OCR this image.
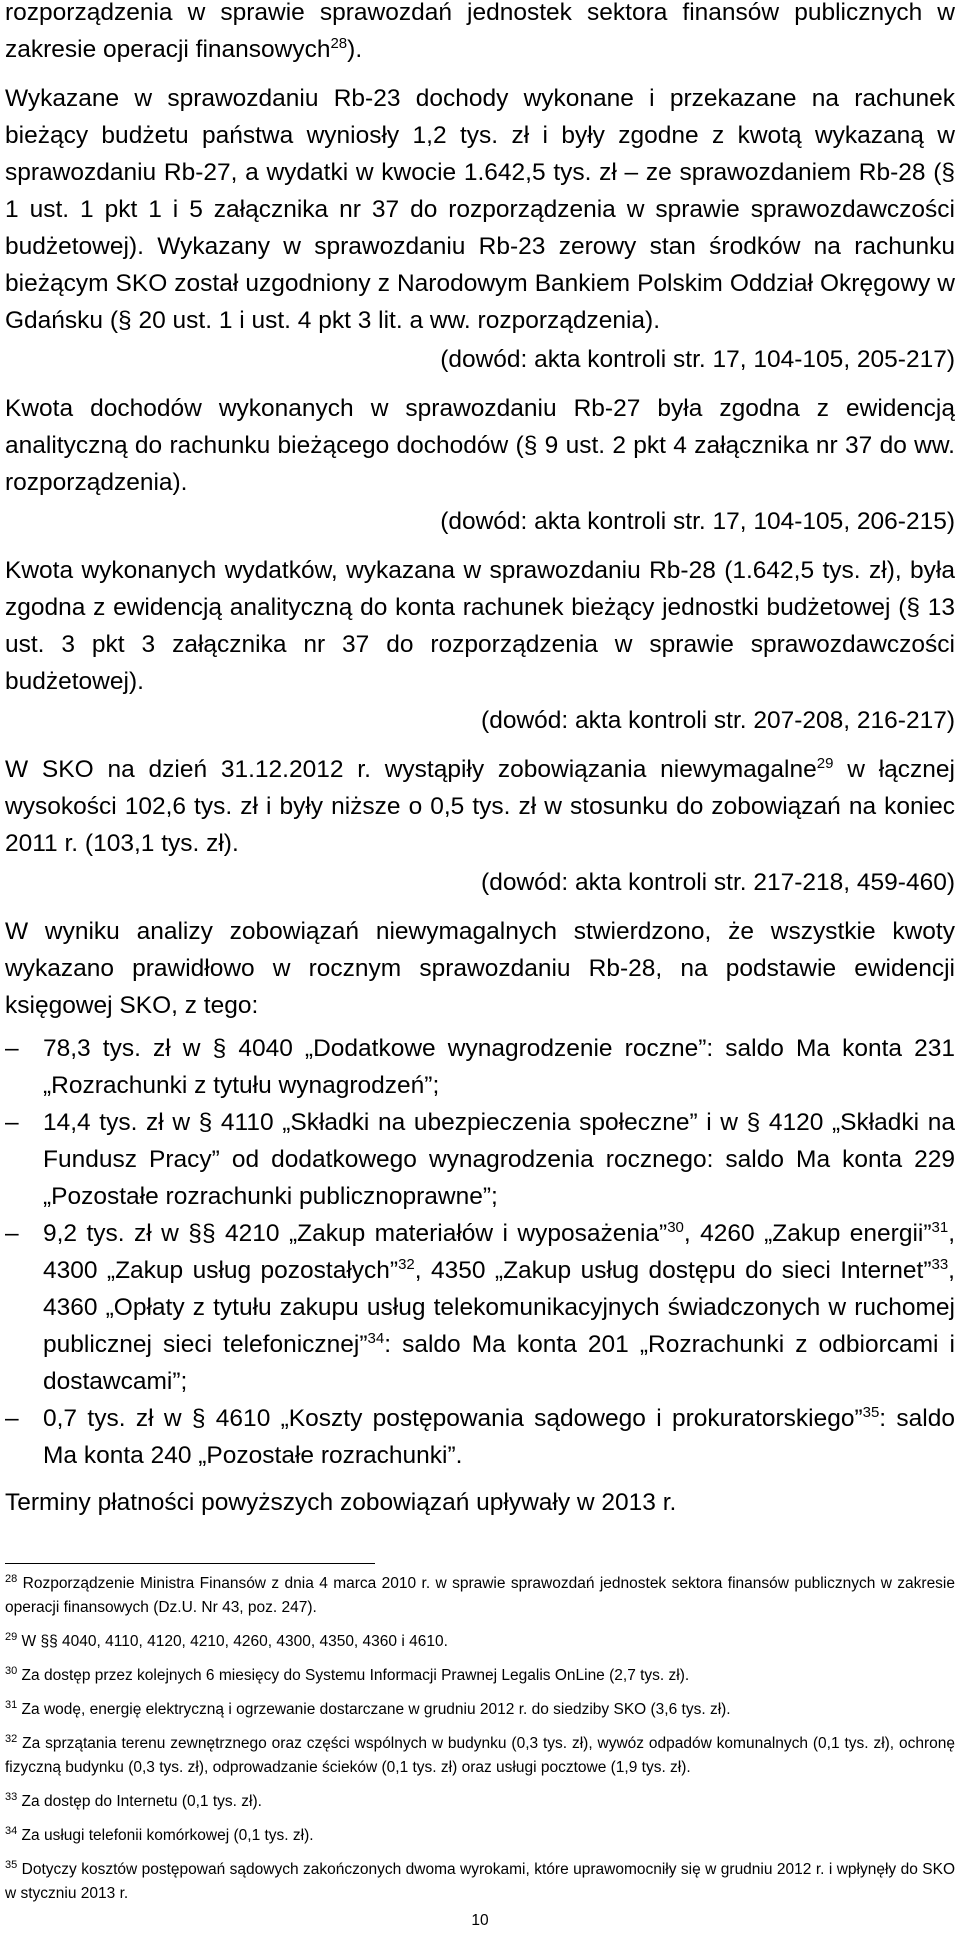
rozporządzenia w sprawie sprawozdań jednostek sektora finansów publicznych w zakresie operacji finansowych$^{28}$).

Wykazane w sprawozdaniu Rb-23 dochody wykonane i przekazane na rachunek bieżący budżetu państwa wyniosły 1,2 tys. zł i były zgodne z kwotą wykazaną w sprawozdaniu Rb-27, a wydatki w kwocie 1.642,5 tys. zł – ze sprawozdaniem Rb-28 (§ 1 ust. 1 pkt 1 i 5 załącznika nr 37 do rozporządzenia w sprawie sprawozdawczości budżetowej). Wykazany w sprawozdaniu Rb-23 zerowy stan środków na rachunku bieżącym SKO został uzgodniony z Narodowym Bankiem Polskim Oddział Okręgowy w Gdańsku (§ 20 ust. 1 i ust. 4 pkt 3 lit. a ww. rozporządzenia).

(dowód: akta kontroli str. 17, 104-105, 205-217)

Kwota dochodów wykonanych w sprawozdaniu Rb-27 była zgodna z ewidencją analityczną do rachunku bieżącego dochodów (§ 9 ust. 2 pkt 4 załącznika nr 37 do ww. rozporządzenia).

(dowód: akta kontroli str. 17, 104-105, 206-215)

Kwota wykonanych wydatków, wykazana w sprawozdaniu Rb-28 (1.642,5 tys. zł), była zgodna z ewidencją analityczną do konta rachunek bieżący jednostki budżetowej (§ 13 ust. 3 pkt 3 załącznika nr 37 do rozporządzenia w sprawie sprawozdawczości budżetowej).

(dowód: akta kontroli str. 207-208, 216-217)

W SKO na dzień 31.12.2012 r. wystąpiły zobowiązania niewymagalne$^{29}$ w łącznej wysokości 102,6 tys. zł i były niższe o 0,5 tys. zł w stosunku do zobowiązań na koniec 2011 r. (103,1 tys. zł).

(dowód: akta kontroli str. 217-218, 459-460)

W wyniku analizy zobowiązań niewymagalnych stwierdzono, że wszystkie kwoty wykazano prawidłowo w rocznym sprawozdaniu Rb-28, na podstawie ewidencji księgowej SKO, z tego:

– 78,3 tys. zł w § 4040 „Dodatkowe wynagrodzenie roczne”: saldo Ma konta 231 „Rozrachunki z tytułu wynagrodzeń”;
– 14,4 tys. zł w § 4110 „Składki na ubezpieczenia społeczne” i w § 4120 „Składki na Fundusz Pracy” od dodatkowego wynagrodzenia rocznego: saldo Ma konta 229 „Pozostałe rozrachunki publicznoprawne”;
– 9,2 tys. zł w §§ 4210 „Zakup materiałów i wyposażenia”$^{30}$, 4260 „Zakup energii”$^{31}$, 4300 „Zakup usług pozostałych”$^{32}$, 4350 „Zakup usług dostępu do sieci Internet”$^{33}$, 4360 „Opłaty z tytułu zakupu usług telekomunikacyjnych świadczonych w ruchomej publicznej sieci telefonicznej”$^{34}$: saldo Ma konta 201 „Rozrachunki z odbiorcami i dostawcami”;
– 0,7 tys. zł w § 4610 „Koszty postępowania sądowego i prokuratorskiego”$^{35}$: saldo Ma konta 240 „Pozostałe rozrachunki”.

Terminy płatności powyższych zobowiązań upływały w 2013 r.

$^{28}$ Rozporządzenie Ministra Finansów z dnia 4 marca 2010 r. w sprawie sprawozdań jednostek sektora finansów publicznych w zakresie operacji finansowych (Dz.U. Nr 43, poz. 247).

$^{29}$ W §§ 4040, 4110, 4120, 4210, 4260, 4300, 4350, 4360 i 4610.

$^{30}$ Za dostęp przez kolejnych 6 miesięcy do Systemu Informacji Prawnej Legalis OnLine (2,7 tys. zł).

$^{31}$ Za wodę, energię elektryczną i ogrzewanie dostarczane w grudniu 2012 r. do siedziby SKO (3,6 tys. zł).

$^{32}$ Za sprzątania terenu zewnętrznego oraz części wspólnych w budynku (0,3 tys. zł), wywóz odpadów komunalnych (0,1 tys. zł), ochronę fizyczną budynku (0,3 tys. zł), odprowadzanie ścieków (0,1 tys. zł) oraz usługi pocztowe (1,9 tys. zł).

$^{33}$ Za dostęp do Internetu (0,1 tys. zł).

$^{34}$ Za usługi telefonii komórkowej (0,1 tys. zł).

$^{35}$ Dotyczy kosztów postępowań sądowych zakończonych dwoma wyrokami, które uprawomocniły się w grudniu 2012 r. i wpłynęły do SKO w styczniu 2013 r.

10
